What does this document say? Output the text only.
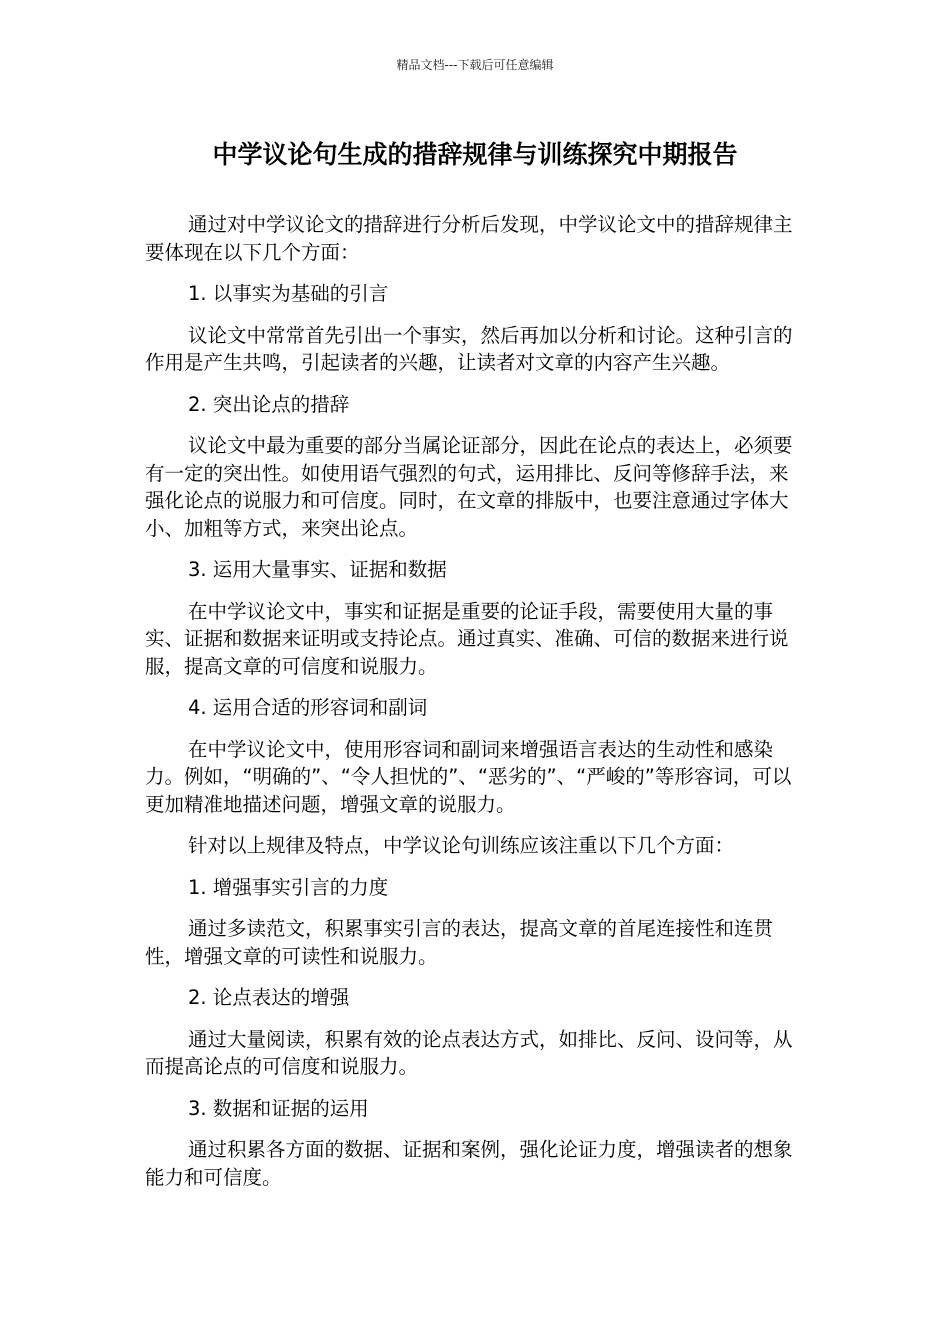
精品文档---下载后可任意编辑
中学议论句生成的措辞规律与训练探究中期报告

通过对中学议论文的措辞进行分析后发现，中学议论文中的措辞规律主要体现在以下几个方面：

1. 以事实为基础的引言

议论文中常常首先引出一个事实，然后再加以分析和讨论。这种引言的作用是产生共鸣，引起读者的兴趣，让读者对文章的内容产生兴趣。

2. 突出论点的措辞

议论文中最为重要的部分当属论证部分，因此在论点的表达上，必须要有一定的突出性。如使用语气强烈的句式，运用排比、反问等修辞手法，来强化论点的说服力和可信度。同时，在文章的排版中，也要注意通过字体大小、加粗等方式，来突出论点。

3. 运用大量事实、证据和数据

在中学议论文中，事实和证据是重要的论证手段，需要使用大量的事实、证据和数据来证明或支持论点。通过真实、准确、可信的数据来进行说服，提高文章的可信度和说服力。

4. 运用合适的形容词和副词

在中学议论文中，使用形容词和副词来增强语言表达的生动性和感染力。例如，“明确的”、“令人担忧的”、“恶劣的”、“严峻的”等形容词，可以更加精准地描述问题，增强文章的说服力。

针对以上规律及特点，中学议论句训练应该注重以下几个方面：

1. 增强事实引言的力度

通过多读范文，积累事实引言的表达，提高文章的首尾连接性和连贯性，增强文章的可读性和说服力。

2. 论点表达的增强

通过大量阅读，积累有效的论点表达方式，如排比、反问、设问等，从而提高论点的可信度和说服力。

3. 数据和证据的运用

通过积累各方面的数据、证据和案例，强化论证力度，增强读者的想象能力和可信度。
